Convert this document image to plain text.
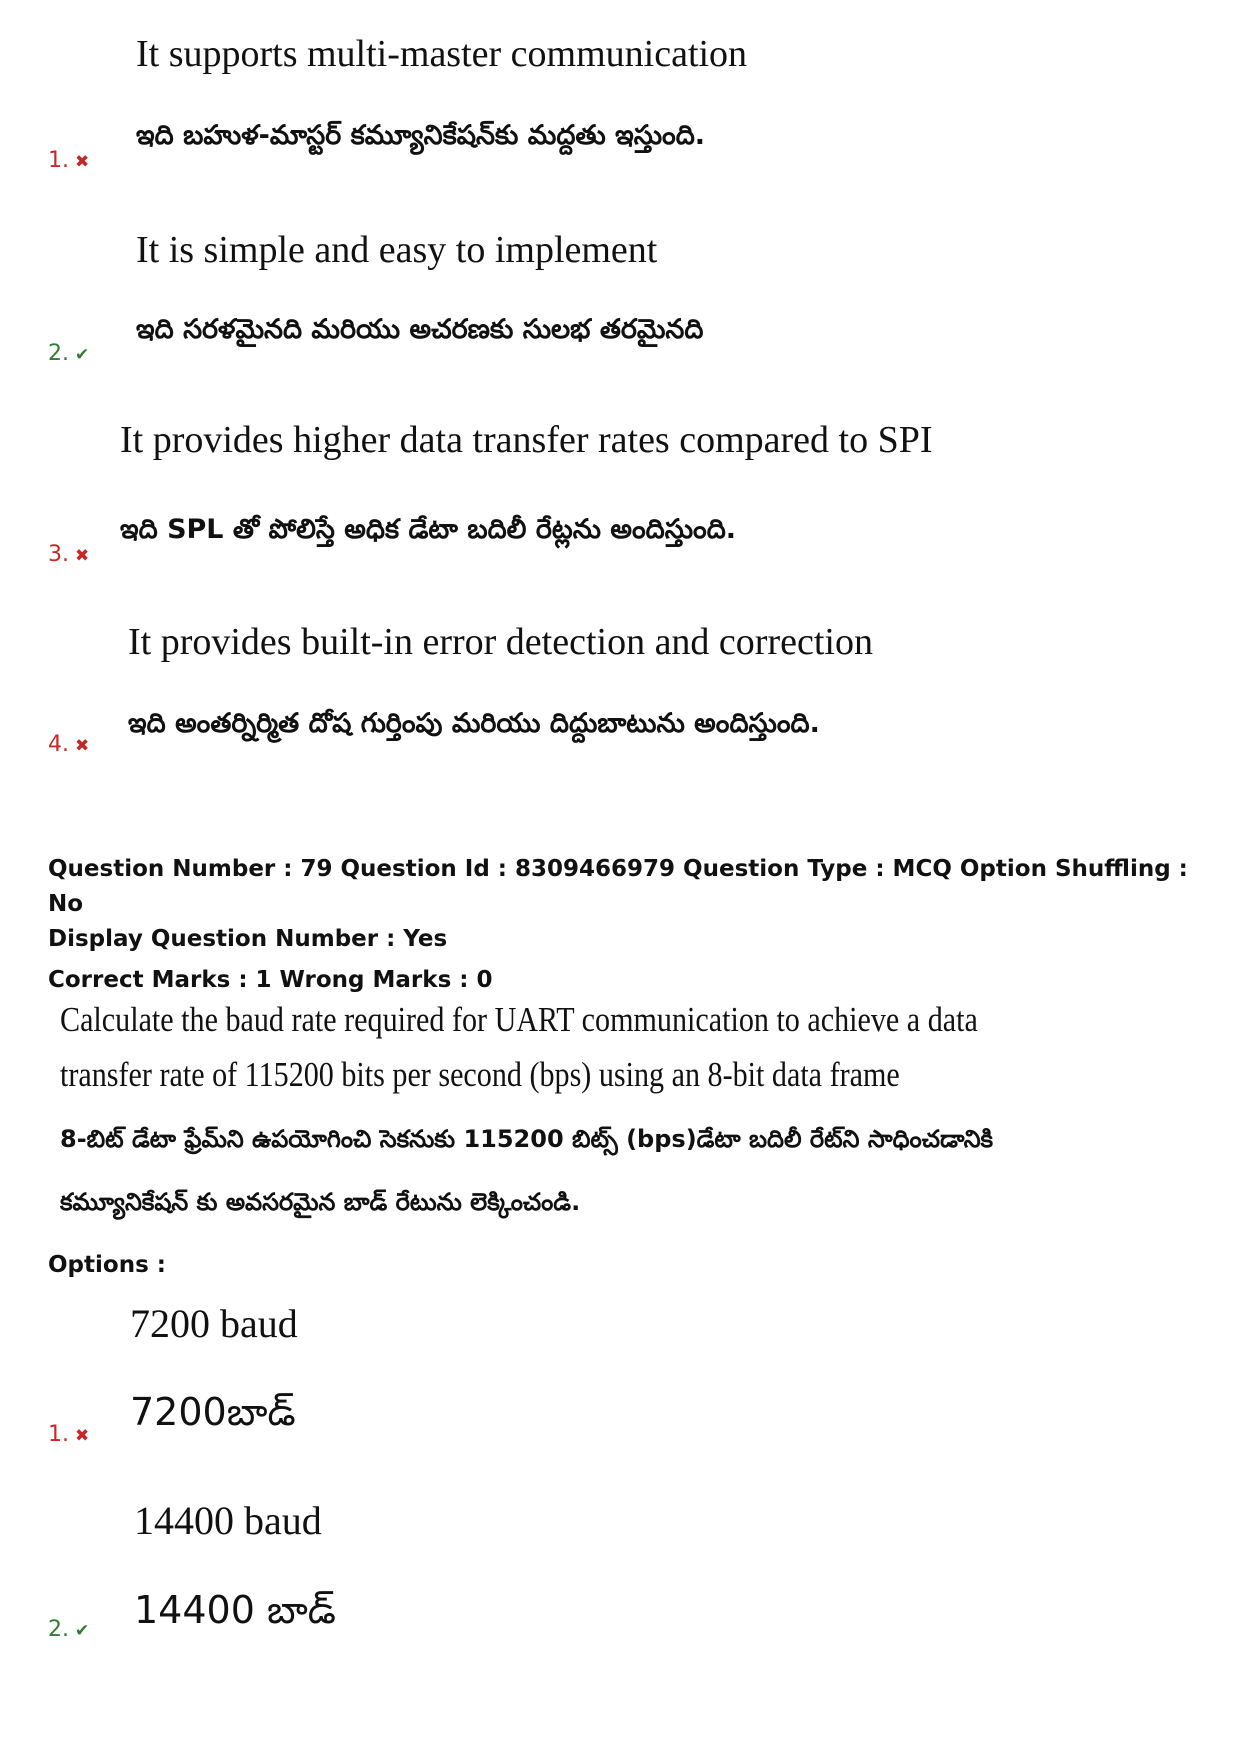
It supports multi-master communication
ఇది బహుళ-మాస్టర్ కమ్యూనికేషన్‌కు మద్దతు ఇస్తుంది.
1. ✖
It is simple and easy to implement
ఇది సరళమైనది మరియు అచరణకు సులభ తరమైనది
2. ✔
It provides higher data transfer rates compared to SPI
ఇది SPL తో పోలిస్తే అధిక డేటా బదిలీ రేట్లను అందిస్తుంది.
3. ✖
It provides built-in error detection and correction
ఇది అంతర్నిర్మిత దోష గుర్తింపు మరియు దిద్దుబాటును అందిస్తుంది.
4. ✖
Question Number : 79 Question Id : 8309466979 Question Type : MCQ Option Shuffling : No
Display Question Number : Yes
Correct Marks : 1 Wrong Marks : 0
Calculate the baud rate required for UART communication to achieve a data
transfer rate of 115200 bits per second (bps) using an 8-bit data frame
8-బిట్ డేటా ఫ్రేమ్‌ని ఉపయోగించి సెకనుకు 115200 బిట్స్ (bps)డేటా బదిలీ రేట్‌ని సాధించడానికి
కమ్యూనికేషన్ కు అవసరమైన బాడ్ రేటును లెక్కించండి.
Options :
7200 baud
7200బాడ్
1. ✖
14400 baud
14400 బాడ్
2. ✔
